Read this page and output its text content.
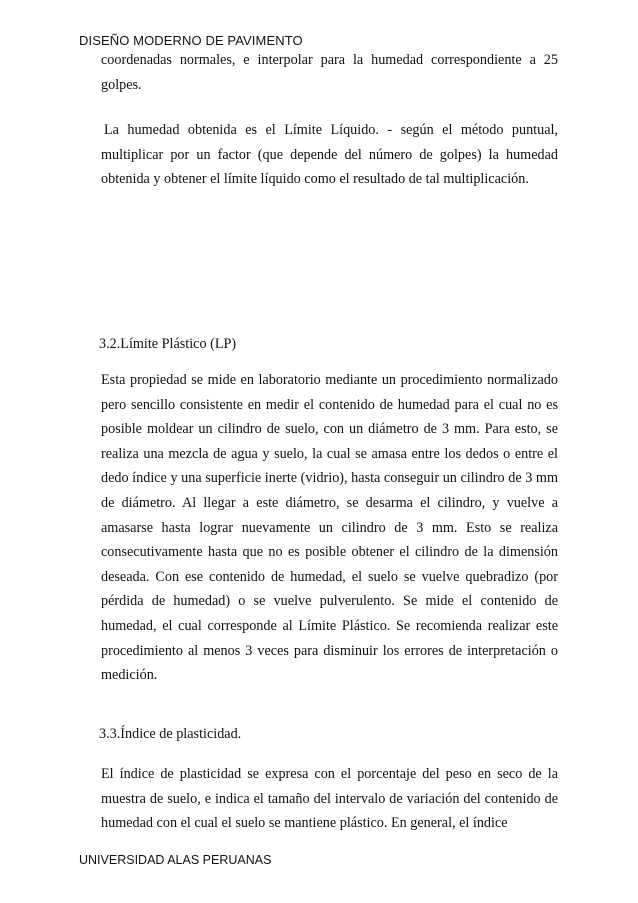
DISEÑO MODERNO DE PAVIMENTO

coordenadas normales, e interpolar para la humedad correspondiente a 25 golpes.

La humedad obtenida es el Límite Líquido. - según el método puntual, multiplicar por un factor (que depende del número de golpes) la humedad obtenida y obtener el límite líquido como el resultado de tal multiplicación.

3.2.Límite Plástico (LP)

Esta propiedad se mide en laboratorio mediante un procedimiento normalizado pero sencillo consistente en medir el contenido de humedad para el cual no es posible moldear un cilindro de suelo, con un diámetro de 3 mm. Para esto, se realiza una mezcla de agua y suelo, la cual se amasa entre los dedos o entre el dedo índice y una superficie inerte (vidrio), hasta conseguir un cilindro de 3 mm de diámetro. Al llegar a este diámetro, se desarma el cilindro, y vuelve a amasarse hasta lograr nuevamente un cilindro de 3 mm. Esto se realiza consecutivamente hasta que no es posible obtener el cilindro de la dimensión deseada. Con ese contenido de humedad, el suelo se vuelve quebradizo (por pérdida de humedad) o se vuelve pulverulento. Se mide el contenido de humedad, el cual corresponde al Límite Plástico. Se recomienda realizar este procedimiento al menos 3 veces para disminuir los errores de interpretación o medición.

3.3.Índice de plasticidad.

El índice de plasticidad se expresa con el porcentaje del peso en seco de la muestra de suelo, e indica el tamaño del intervalo de variación del contenido de humedad con el cual el suelo se mantiene plástico. En general, el índice

UNIVERSIDAD ALAS PERUANAS
